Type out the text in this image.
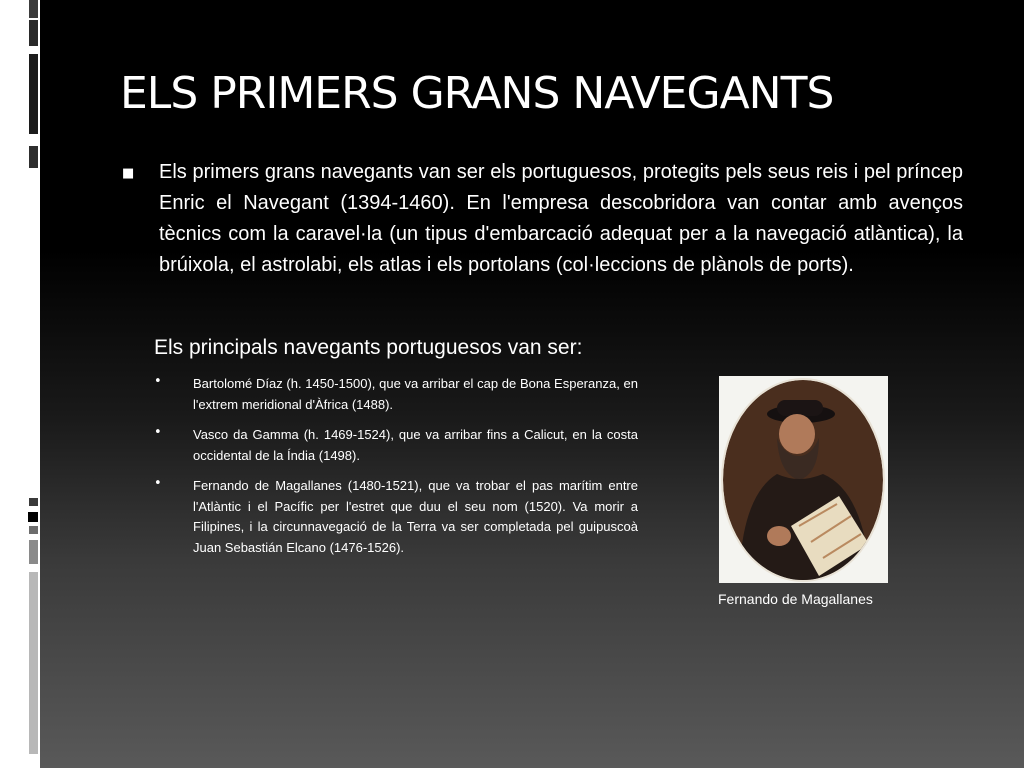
ELS PRIMERS GRANS NAVEGANTS
■ Els primers grans navegants van ser els portuguesos, protegits pels seus reis i pel príncep Enric el Navegant (1394-1460). En l'empresa descobridora van contar amb avenços tècnics com la caravel·la (un tipus d'embarcació adequat per a la navegació atlàntica), la brúixola, el astrolabi, els atlas i els portolans (col·leccions de plànols de ports).

Els principals navegants portuguesos van ser:
• Bartolomé Díaz (h. 1450-1500), que va arribar el cap de Bona Esperanza, en l'extrem meridional d'Àfrica (1488).
• Vasco da Gamma (h. 1469-1524), que va arribar fins a Calicut, en la costa occidental de la Índia (1498).
• Fernando de Magallanes (1480-1521), que va trobar el pas marítim entre l'Atlàntic i el Pacífic per l'estret que duu el seu nom (1520). Va morir a Filipines, i la circunnavegació de la Terra va ser completada pel guipuscoà Juan Sebastián Elcano (1476-1526).

Fernando de Magallanes
